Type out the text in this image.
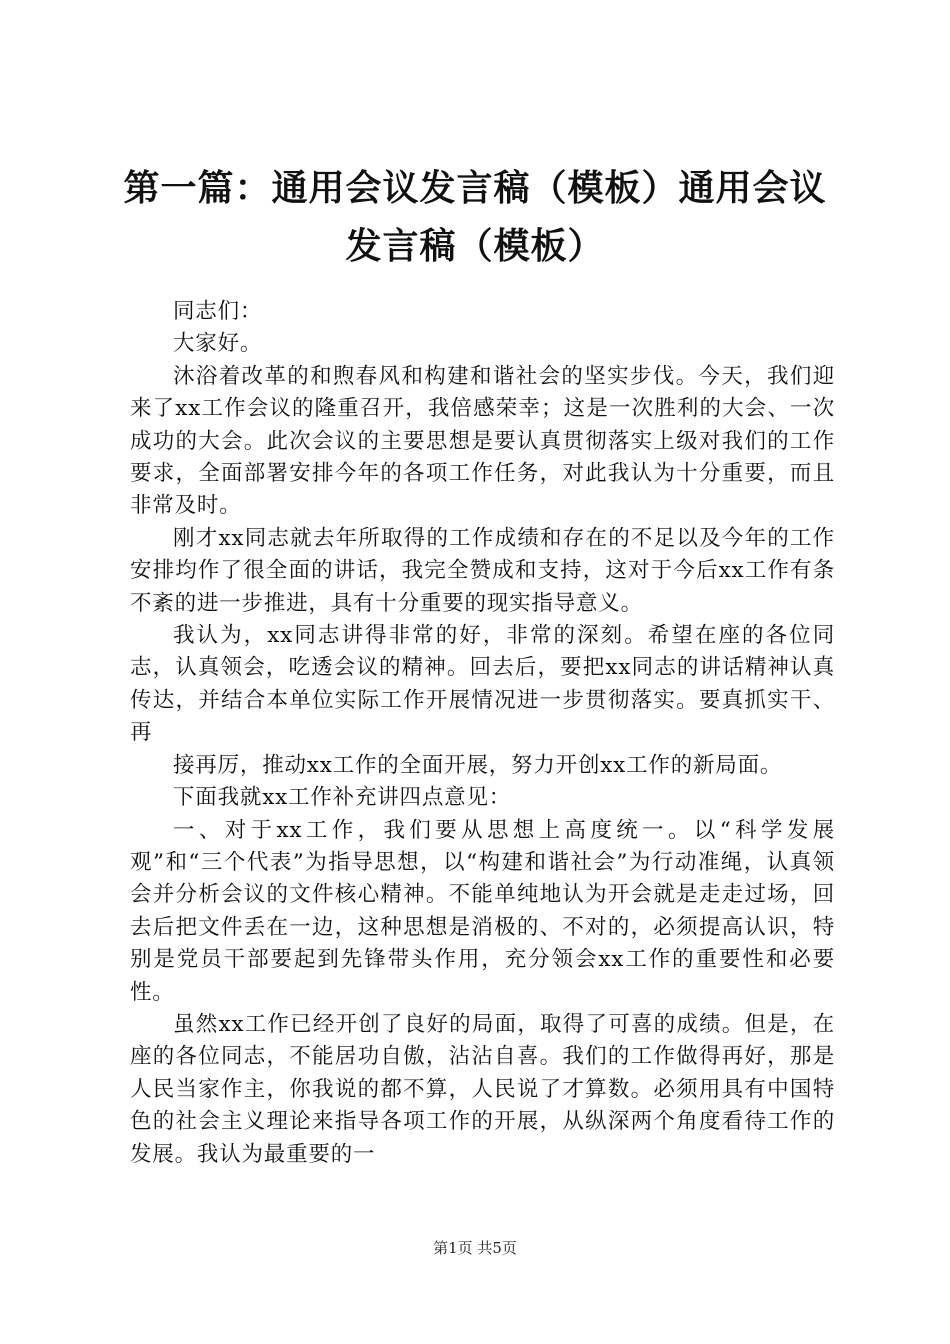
第一篇：通用会议发言稿（模板）通用会议发言稿（模板）

同志们：

大家好。

沐浴着改革的和煦春风和构建和谐社会的坚实步伐。今天，我们迎来了xx工作会议的隆重召开，我倍感荣幸；这是一次胜利的大会、一次成功的大会。此次会议的主要思想是要认真贯彻落实上级对我们的工作要求，全面部署安排今年的各项工作任务，对此我认为十分重要，而且非常及时。

刚才xx同志就去年所取得的工作成绩和存在的不足以及今年的工作安排均作了很全面的讲话，我完全赞成和支持，这对于今后xx工作有条不紊的进一步推进，具有十分重要的现实指导意义。

我认为，xx同志讲得非常的好，非常的深刻。希望在座的各位同志，认真领会，吃透会议的精神。回去后，要把xx同志的讲话精神认真传达，并结合本单位实际工作开展情况进一步贯彻落实。要真抓实干、再

接再厉，推动xx工作的全面开展，努力开创xx工作的新局面。

下面我就xx工作补充讲四点意见：

一、对于xx工作，我们要从思想上高度统一。以“科学发展观”和“三个代表”为指导思想，以“构建和谐社会”为行动准绳，认真领会并分析会议的文件核心精神。不能单纯地认为开会就是走走过场，回去后把文件丢在一边，这种思想是消极的、不对的，必须提高认识，特别是党员干部要起到先锋带头作用，充分领会xx工作的重要性和必要性。

虽然xx工作已经开创了良好的局面，取得了可喜的成绩。但是，在座的各位同志，不能居功自傲，沾沾自喜。我们的工作做得再好，那是人民当家作主，你我说的都不算，人民说了才算数。必须用具有中国特色的社会主义理论来指导各项工作的开展，从纵深两个角度看待工作的发展。我认为最重要的一

第1页 共5页
